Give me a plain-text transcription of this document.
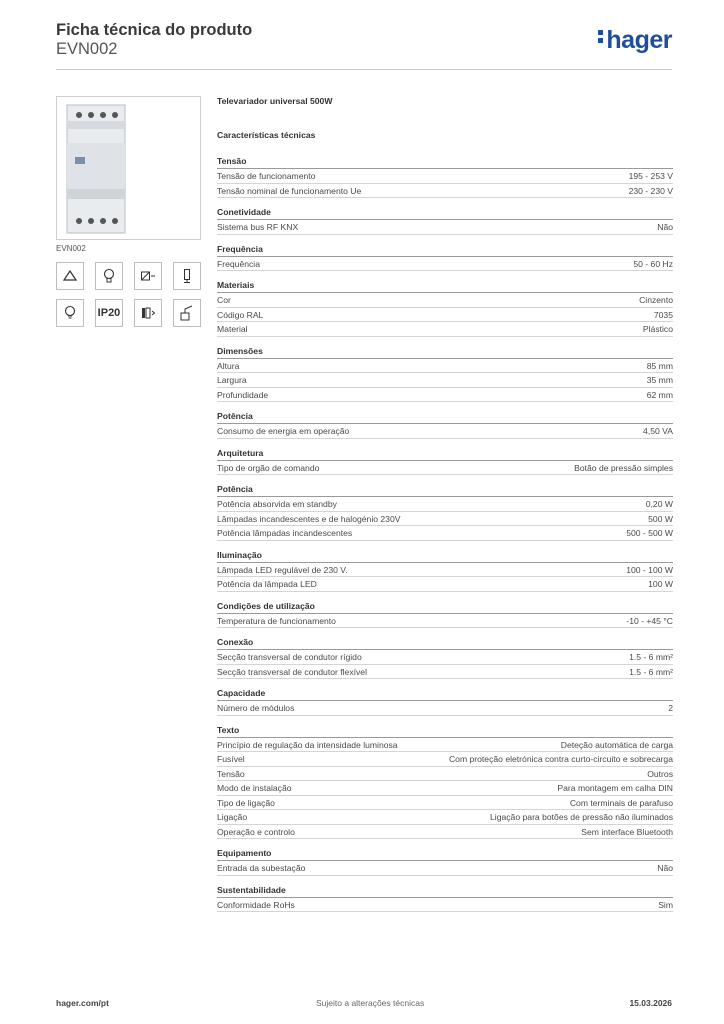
Ficha técnica do produto
EVN002	hager
EVN002
IP20
Televariador universal 500W
Características técnicas
Tensão
Tensão de funcionamento	195 - 253 V
Tensão nominal de funcionamento Ue	230 - 230 V
Conetividade
Sistema bus RF KNX	Não
Frequência
Frequência	50 - 60 Hz
Materiais
Cor	Cinzento
Código RAL	7035
Material	Plástico
Dimensões
Altura	85 mm
Largura	35 mm
Profundidade	62 mm
Potência
Consumo de energia em operação	4,50 VA
Arquitetura
Tipo de orgão de comando	Botão de pressão simples
Potência
Potência absorvida em standby	0,20 W
Lâmpadas incandescentes e de halogénio 230V	500 W
Potência lâmpadas incandescentes	500 - 500 W
Iluminação
Lâmpada LED regulável de 230 V.	100 - 100 W
Potência da lâmpada LED	100 W
Condições de utilização
Temperatura de funcionamento	-10 - +45 °C
Conexão
Secção transversal de condutor rígido	1.5 - 6 mm²
Secção transversal de condutor flexível	1.5 - 6 mm²
Capacidade
Número de módulos	2
Texto
Princípio de regulação da intensidade luminosa	Deteção automática de carga
Fusível	Com proteção eletrónica contra curto-circuito e sobrecarga
Tensão	Outros
Modo de instalação	Para montagem em calha DIN
Tipo de ligação	Com terminais de parafuso
Ligação	Ligação para botões de pressão não iluminados
Operação e controlo	Sem interface Bluetooth
Equipamento
Entrada da subestação	Não
Sustentabilidade
Conformidade RoHs	Sim
hager.com/pt	Sujeito a alterações técnicas	15.03.2026
